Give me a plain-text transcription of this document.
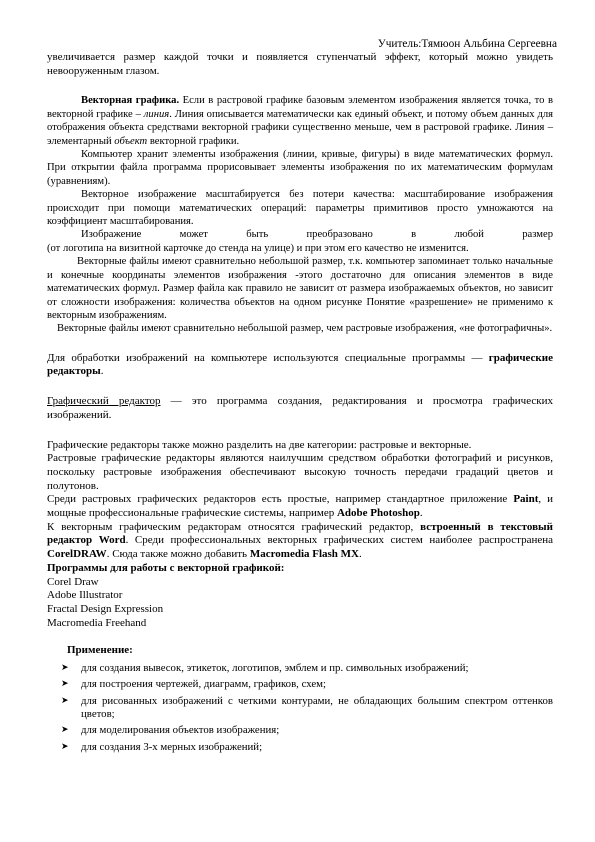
Учитель:Тямюон Альбина Сергеевна

увеличивается размер каждой точки и появляется ступенчатый эффект, который можно увидеть невооруженным глазом.

Векторная графика. Если в растровой графике базовым элементом изображения является точка, то в векторной графике – линия. Линия описывается математически как единый объект, и потому объем данных для отображения объекта средствами векторной графики существенно меньше, чем в растровой графике. Линия – элементарный объект векторной графики.

Компьютер хранит элементы изображения (линии, кривые, фигуры) в виде математических формул. При открытии файла программа прорисовывает элементы изображения по их математическим формулам (уравнениям).

Векторное изображение масштабируется без потери качества: масштабирование изображения происходит при помощи математических операций: параметры примитивов просто умножаются на коэффициент масштабирования.

Изображение может быть преобразовано в любой размер

(от логотипа на визитной карточке до стенда на улице) и при этом его качество не изменится.

Векторные файлы имеют сравнительно небольшой размер, т.к. компьютер запоминает только начальные и конечные координаты элементов изображения -этого достаточно для описания элементов в виде математических формул. Размер файла как правило не зависит от размера изображаемых объектов, но зависит от сложности изображения: количества объектов на одном рисунке Понятие «разрешение» не применимо к векторным изображениям.

Векторные файлы имеют сравнительно небольшой размер, чем растровые изображения, «не фотографичны».

Для обработки изображений на компьютере используются специальные программы — графические редакторы.

Графический редактор — это программа создания, редактирования и просмотра графических изображений.

Графические редакторы также можно разделить на две категории: растровые и векторные.

Растровые графические редакторы являются наилучшим средством обработки фотографий и рисунков, поскольку растровые изображения обеспечивают высокую точность передачи градаций цветов и полутонов.

Среди растровых графических редакторов есть простые, например стандартное приложение Paint, и мощные профессиональные графические системы, например Adobe Photoshop.

К векторным графическим редакторам относятся графический редактор, встроенный в текстовый редактор Word. Среди профессиональных векторных графических систем наиболее распространена CorelDRAW. Сюда также можно добавить Macromedia Flash MX.

Программы для работы с векторной графикой:

Corel Draw

Adobe Illustrator

Fractal Design Expression

Macromedia Freehand

Применение:

➤ для создания вывесок, этикеток, логотипов, эмблем и пр. символьных изображений;
➤ для построения чертежей, диаграмм, графиков, схем;
➤ для рисованных изображений с четкими контурами, не обладающих большим спектром оттенков цветов;
➤ для моделирования объектов изображения;
➤ для создания 3-х мерных изображений;
